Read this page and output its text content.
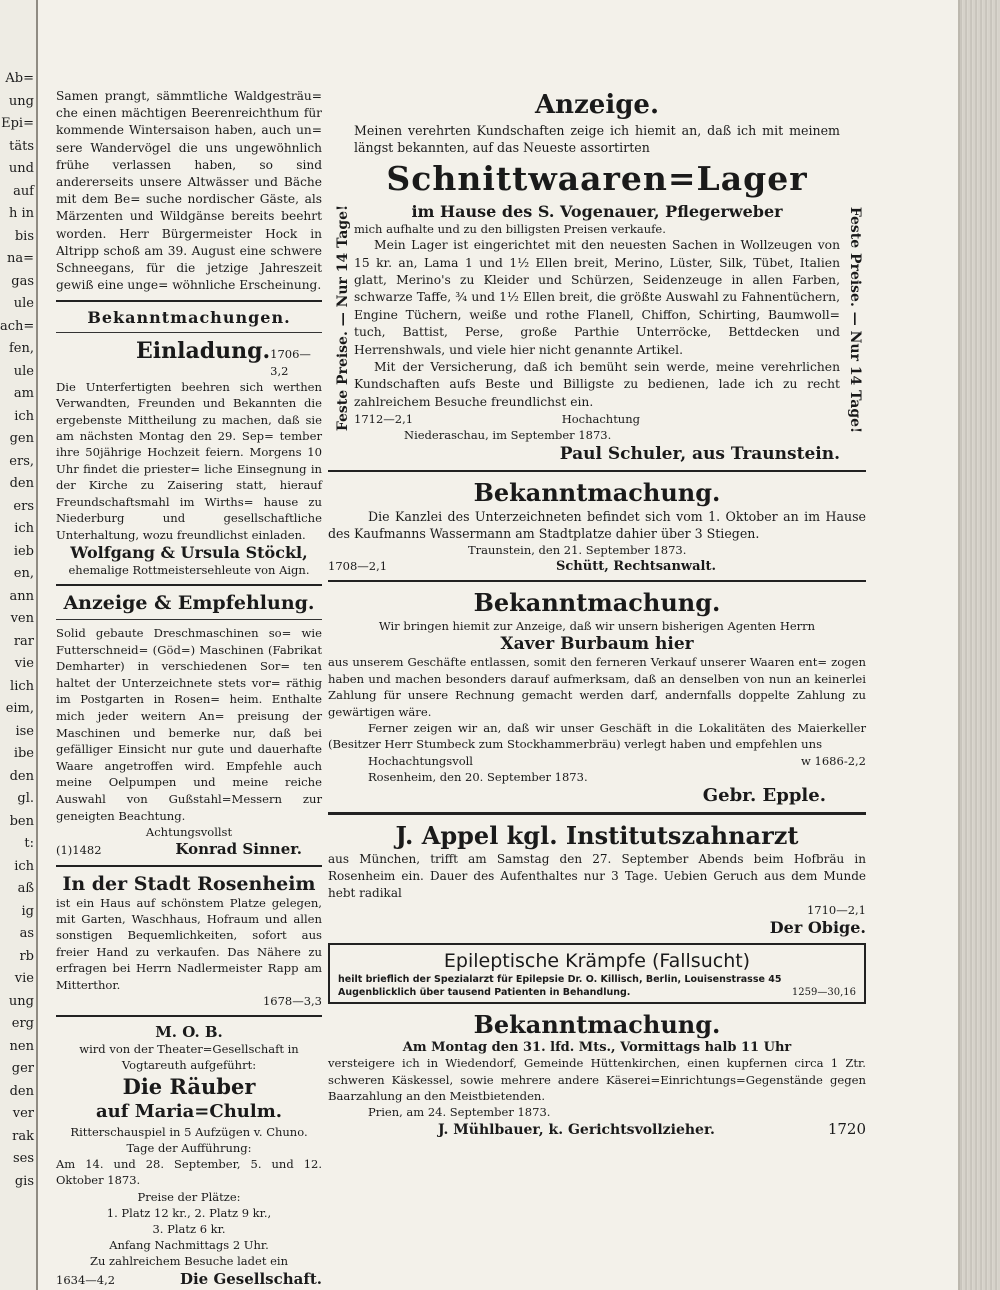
Ab=
ung
Epi=
täts
und
auf
h in
bis
na=
gas
ule
ach=
fen,
ule
am
ich
gen
ers,
den
ers
ich
ieb
en,
ann
ven
rar
vie
lich
eim,
ise
ibe
den
gl.
ben
t:
ich
aß
ig
as
rb
vie
ung
erg
nen
ger
den
ver
rak
ses
gis

Samen prangt, sämmtliche Waldgesträu= che einen mächtigen Beerenreichthum für kommende Wintersaison haben, auch un= sere Wandervögel die uns ungewöhnlich frühe verlassen haben, so sind andererseits unsere Altwässer und Bäche mit dem Be= suche nordischer Gäste, als Märzenten und Wildgänse bereits beehrt worden. Herr Bürgermeister Hock in Altripp schoß am 39. August eine schwere Schneegans, für die jetzige Jahreszeit gewiß eine unge= wöhnliche Erscheinung.

Bekanntmachungen.

Einladung. 1706—3,2

Die Unterfertigten beehren sich werthen Verwandten, Freunden und Bekannten die ergebenste Mittheilung zu machen, daß sie am nächsten Montag den 29. Sep= tember ihre 50jährige Hochzeit feiern. Morgens 10 Uhr findet die priester= liche Einsegnung in der Kirche zu Zaisering statt, hierauf Freundschaftsmahl im Wirths= hause zu Niederburg und gesellschaftliche Unterhaltung, wozu freundlichst einladen.

Wolfgang & Ursula Stöckl,

ehemalige Rottmeistersehleute von Aign.

Anzeige & Empfehlung.

Solid gebaute Dreschmaschinen so= wie Futterschneid= (Göd=) Maschinen (Fabrikat Demharter) in verschiedenen Sor= ten haltet der Unterzeichnete stets vor= räthig im Postgarten in Rosen= heim. Enthalte mich jeder weitern An= preisung der Maschinen und bemerke nur, daß bei gefälliger Einsicht nur gute und dauerhafte Waare angetroffen wird. Empfehle auch meine Oelpumpen und meine reiche Auswahl von Gußstahl=Messern zur geneigten Beachtung.

Achtungsvollst

(1)1482	Konrad Sinner.

In der Stadt Rosenheim

ist ein Haus auf schönstem Platze gelegen, mit Garten, Waschhaus, Hofraum und allen sonstigen Bequemlichkeiten, sofort aus freier Hand zu verkaufen. Das Nähere zu erfragen bei Herrn Nadlermeister Rapp am Mitterthor.

1678—3,3

M. O. B.

wird von der Theater=Gesellschaft in

Vogtareuth aufgeführt:

Die Räuber

auf Maria=Chulm.

Ritterschauspiel in 5 Aufzügen v. Chuno.

Tage der Aufführung:

Am 14. und 28. September, 5. und 12. Oktober 1873.

Preise der Plätze:

1. Platz 12 kr., 2. Platz 9 kr.,

3. Platz 6 kr.

Anfang Nachmittags 2 Uhr.

Zu zahlreichem Besuche ladet ein

1634—4,2	Die Gesellschaft.
Feste Preise. — Nur 14 Tage!	Feste Preise. — Nur 14 Tage!

Anzeige.

Meinen verehrten Kundschaften zeige ich hiemit an, daß ich mit meinem längst bekannten, auf das Neueste assortirten

Schnittwaaren=Lager

im Hause des S. Vogenauer, Pflegerweber

mich aufhalte und zu den billigsten Preisen verkaufe.

Mein Lager ist eingerichtet mit den neuesten Sachen in Wollzeugen von 15 kr. an, Lama 1 und 1½ Ellen breit, Merino, Lüster, Silk, Tübet, Italien glatt, Merino's zu Kleider und Schürzen, Seidenzeuge in allen Farben, schwarze Taffe, ¾ und 1½ Ellen breit, die größte Auswahl zu Fahnentüchern, Engine Tüchern, weiße und rothe Flanell, Chiffon, Schirting, Baumwoll= tuch, Battist, Perse, große Parthie Unterröcke, Bettdecken und Herrenshwals, und viele hier nicht genannte Artikel.

Mit der Versicherung, daß ich bemüht sein werde, meine verehrlichen Kundschaften aufs Beste und Billigste zu bedienen, lade ich zu recht zahlreichem Besuche freundlichst ein.

1712—2,1	Hochachtung

Niederaschau, im September 1873.

Paul Schuler, aus Traunstein.

Bekanntmachung.

Die Kanzlei des Unterzeichneten befindet sich vom 1. Oktober an im Hause des Kaufmanns Wassermann am Stadtplatze dahier über 3 Stiegen.

Traunstein, den 21. September 1873.

1708—2,1	Schütt, Rechtsanwalt.

Bekanntmachung.

Wir bringen hiemit zur Anzeige, daß wir unsern bisherigen Agenten Herrn

Xaver Burbaum hier

aus unserem Geschäfte entlassen, somit den ferneren Verkauf unserer Waaren ent= zogen haben und machen besonders darauf aufmerksam, daß an denselben von nun an keinerlei Zahlung für unsere Rechnung gemacht werden darf, andernfalls doppelte Zahlung zu gewärtigen wäre.

Ferner zeigen wir an, daß wir unser Geschäft in die Lokalitäten des Maierkeller (Besitzer Herr Stumbeck zum Stockhammerbräu) verlegt haben und empfehlen uns

Hochachtungsvoll	w 1686-2,2

Rosenheim, den 20. September 1873.

Gebr. Epple.

J. Appel kgl. Institutszahnarzt

aus München, trifft am Samstag den 27. September Abends beim Hofbräu in Rosenheim ein. Dauer des Aufenthaltes nur 3 Tage. Uebien Geruch aus dem Munde hebt radikal

1710—2,1

Der Obige.

Epileptische Krämpfe (Fallsucht)

heilt brieflich der Spezialarzt für Epilepsie Dr. O. Killisch, Berlin, Louisenstrasse 45

Augenblicklich über tausend Patienten in Behandlung.	1259—30,16

Bekanntmachung.

Am Montag den 31. lfd. Mts., Vormittags halb 11 Uhr

versteigere ich in Wiedendorf, Gemeinde Hüttenkirchen, einen kupfernen circa 1 Ztr. schweren Käskessel, sowie mehrere andere Käserei=Einrichtungs=Gegenstände gegen Baarzahlung an den Meistbietenden.

Prien, am 24. September 1873.

J. Mühlbauer, k. Gerichtsvollzieher.	1720
